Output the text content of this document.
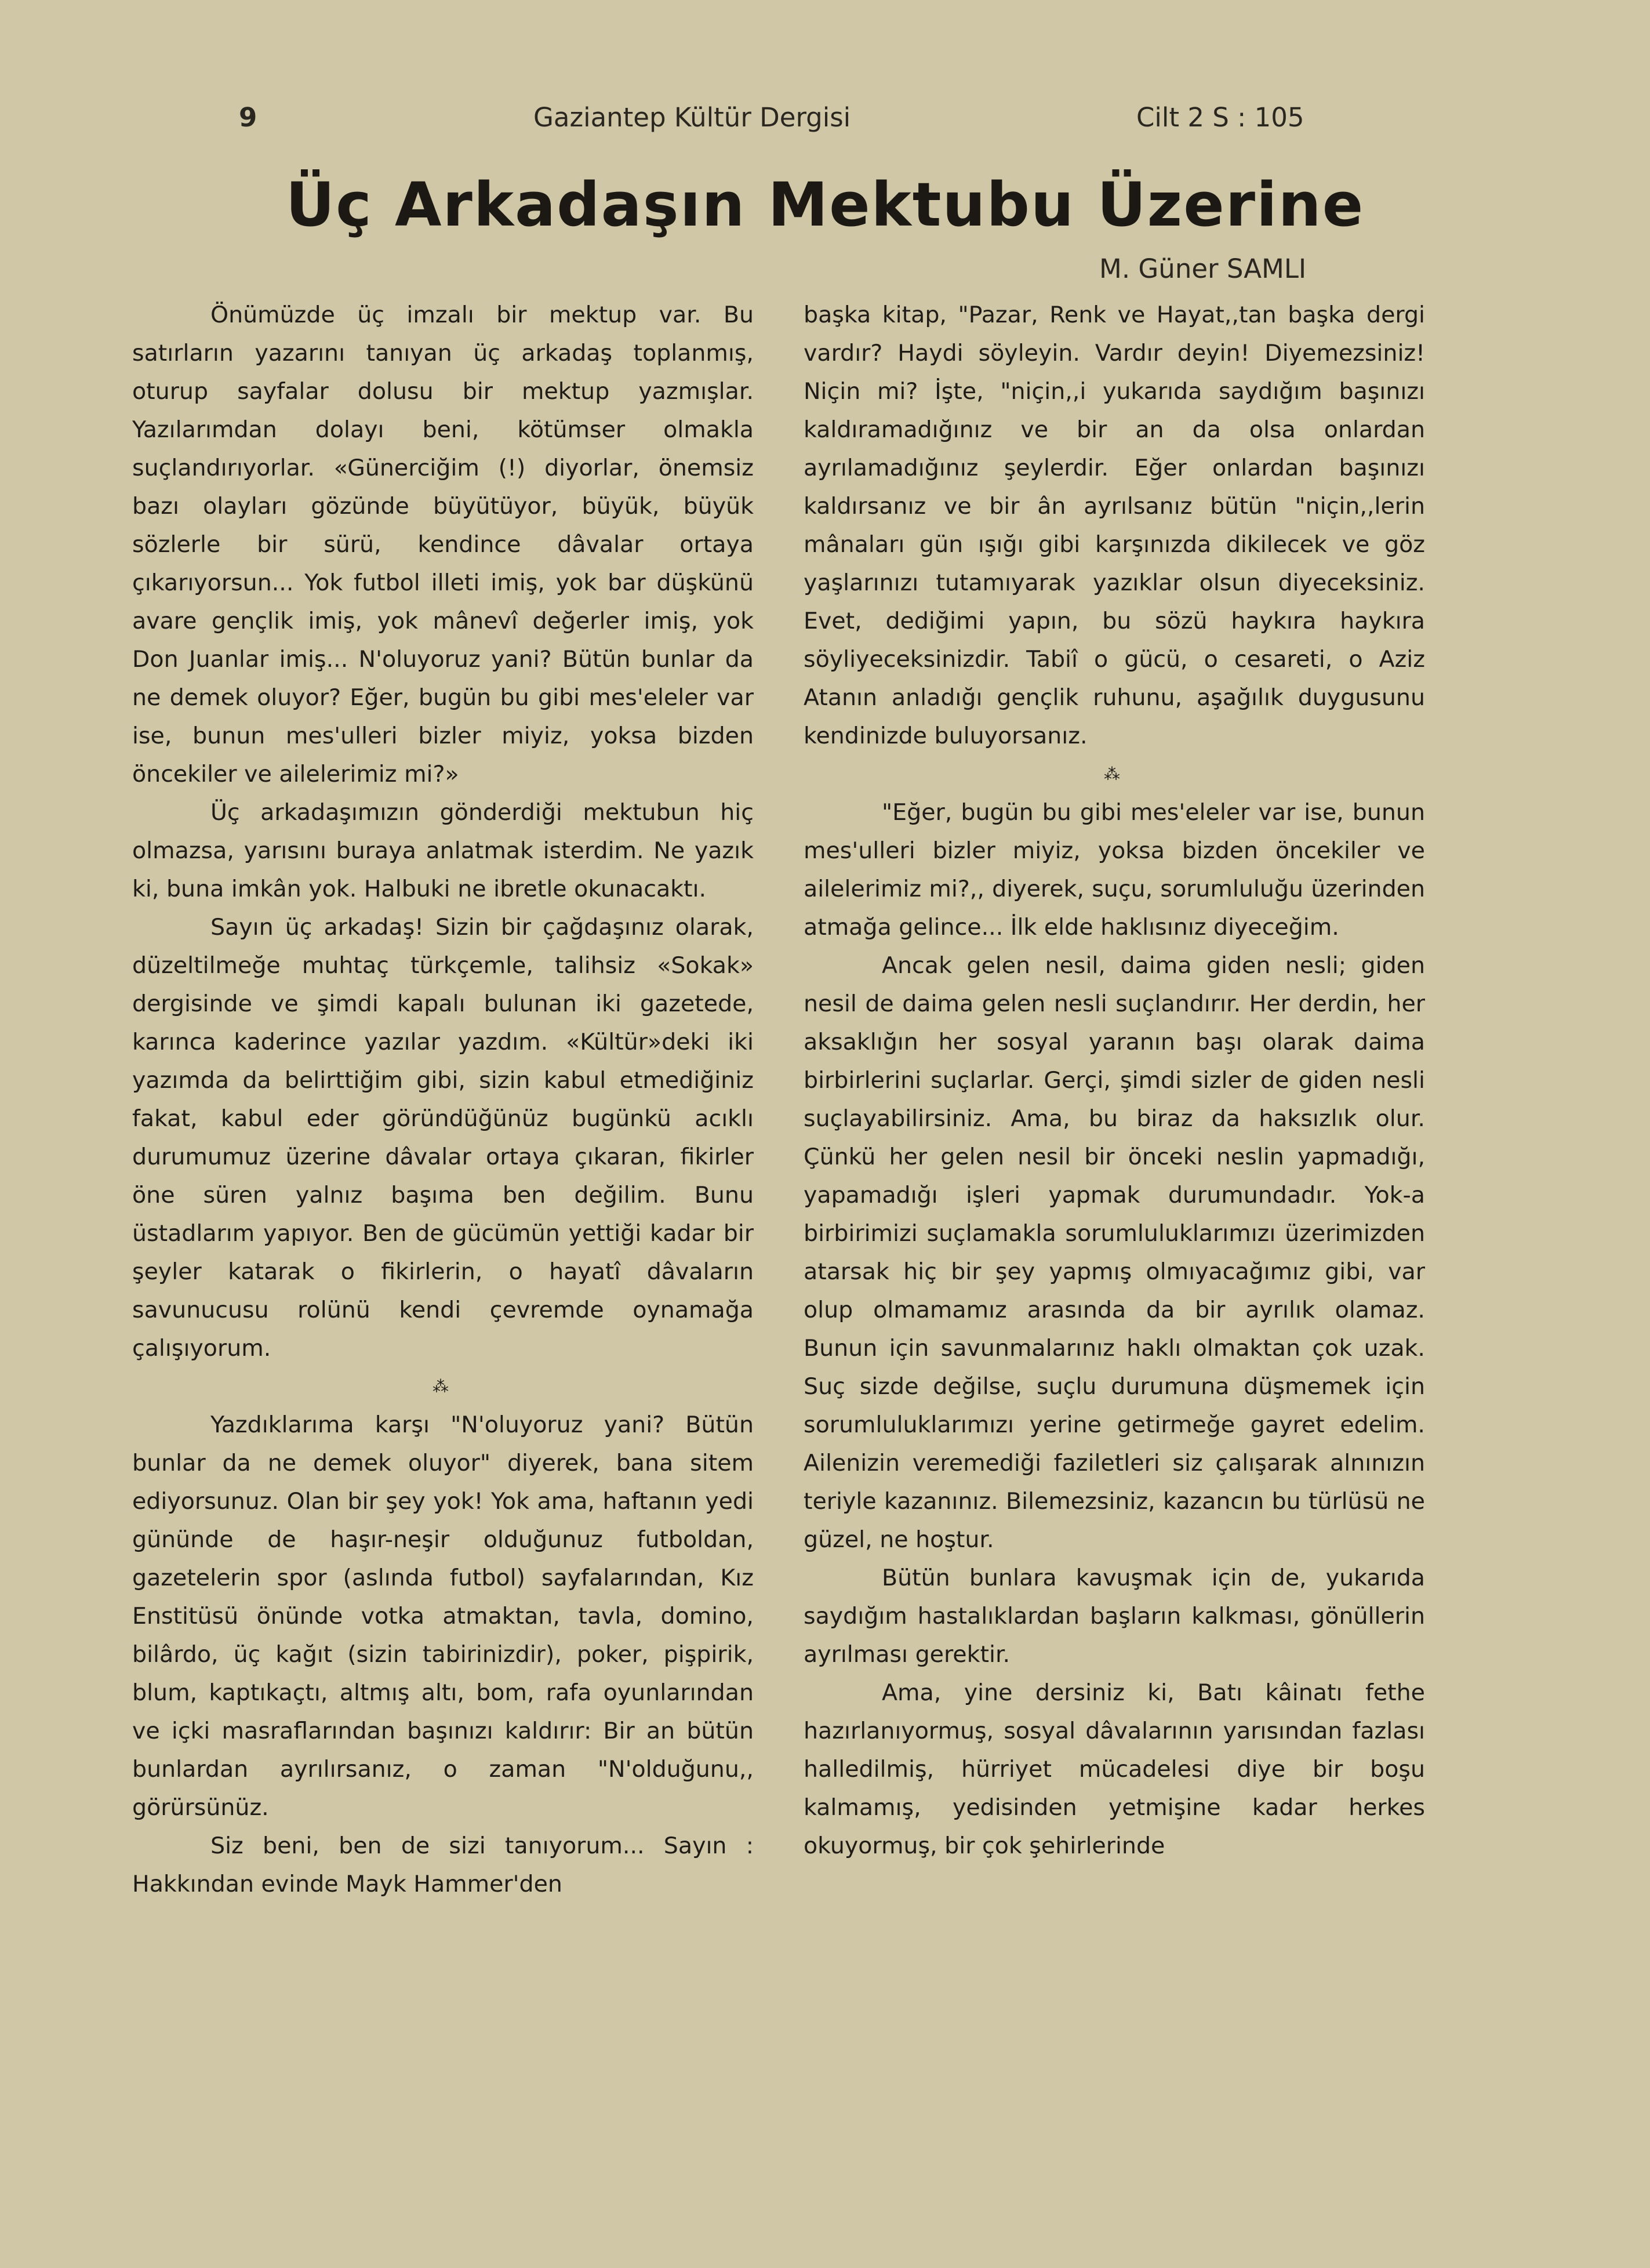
9	Gaziantep Kültür Dergisi	Cilt 2 S : 105
Üç Arkadaşın Mektubu Üzerine
M. Güner SAMLI

Önümüzde üç imzalı bir mektup var. Bu satırların yazarını tanıyan üç arkadaş toplanmış, oturup sayfalar dolusu bir mektup yazmışlar. Yazılarımdan dolayı beni, kötümser olmakla suçlandırıyorlar. «Günerciğim (!) diyorlar, önemsiz bazı olayları gözünde büyütüyor, büyük, büyük sözlerle bir sürü, kendince dâvalar ortaya çıkarıyorsun... Yok futbol illeti imiş, yok bar düşkünü avare gençlik imiş, yok mânevî değerler imiş, yok Don Juanlar imiş... N'oluyoruz yani? Bütün bunlar da ne demek oluyor? Eğer, bugün bu gibi mes'eleler var ise, bunun mes'ulleri bizler miyiz, yoksa bizden öncekiler ve ailelerimiz mi?»

Üç arkadaşımızın gönderdiği mektubun hiç olmazsa, yarısını buraya anlatmak isterdim. Ne yazık ki, buna imkân yok. Halbuki ne ibretle okunacaktı.

Sayın üç arkadaş! Sizin bir çağdaşınız olarak, düzeltilmeğe muhtaç türkçemle, talihsiz «Sokak» dergisinde ve şimdi kapalı bulunan iki gazetede, karınca kaderince yazılar yazdım. «Kültür»deki iki yazımda da belirttiğim gibi, sizin kabul etmediğiniz fakat, kabul eder göründüğünüz bugünkü acıklı durumumuz üzerine dâvalar ortaya çıkaran, fikirler öne süren yalnız başıma ben değilim. Bunu üstadlarım yapıyor. Ben de gücümün yettiği kadar bir şeyler katarak o fikirlerin, o hayatî dâvaların savunucusu rolünü kendi çevremde oynamağa çalışıyorum.

⁂

Yazdıklarıma karşı "N'oluyoruz yani? Bütün bunlar da ne demek oluyor" diyerek, bana sitem ediyorsunuz. Olan bir şey yok! Yok ama, haftanın yedi gününde de haşır-neşir olduğunuz futboldan, gazetelerin spor (aslında futbol) sayfalarından, Kız Enstitüsü önünde votka atmaktan, tavla, domino, bilârdo, üç kağıt (sizin tabirinizdir), poker, pişpirik, blum, kaptıkaçtı, altmış altı, bom, rafa oyunlarından ve içki masraflarından başınızı kaldırır: Bir an bütün bunlardan ayrılırsanız, o zaman "N'olduğunu,, görürsünüz.

Siz beni, ben de sizi tanıyorum... Sayın : Hakkından evinde Mayk Hammer'den

başka kitap, "Pazar, Renk ve Hayat,,tan başka dergi vardır? Haydi söyleyin. Vardır deyin! Diyemezsiniz! Niçin mi? İşte, "niçin,,i yukarıda saydığım başınızı kaldıramadığınız ve bir an da olsa onlardan ayrılamadığınız şeylerdir. Eğer onlardan başınızı kaldırsanız ve bir ân ayrılsanız bütün "niçin,,lerin mânaları gün ışığı gibi karşınızda dikilecek ve göz yaşlarınızı tutamıyarak yazıklar olsun diyeceksiniz. Evet, dediğimi yapın, bu sözü haykıra haykıra söyliyeceksinizdir. Tabiî o gücü, o cesareti, o Aziz Atanın anladığı gençlik ruhunu, aşağılık duygusunu kendinizde buluyorsanız.

⁂

"Eğer, bugün bu gibi mes'eleler var ise, bunun mes'ulleri bizler miyiz, yoksa bizden öncekiler ve ailelerimiz mi?,, diyerek, suçu, sorumluluğu üzerinden atmağa gelince... İlk elde haklısınız diyeceğim.

Ancak gelen nesil, daima giden nesli; giden nesil de daima gelen nesli suçlandırır. Her derdin, her aksaklığın her sosyal yaranın başı olarak daima birbirlerini suçlarlar. Gerçi, şimdi sizler de giden nesli suçlayabilirsiniz. Ama, bu biraz da haksızlık olur. Çünkü her gelen nesil bir önceki neslin yapmadığı, yapamadığı işleri yapmak durumundadır. Yok-a birbirimizi suçlamakla sorumluluklarımızı üzerimizden atarsak hiç bir şey yapmış olmıyacağımız gibi, var olup olmamamız arasında da bir ayrılık olamaz. Bunun için savunmalarınız haklı olmaktan çok uzak. Suç sizde değilse, suçlu durumuna düşmemek için sorumluluklarımızı yerine getirmeğe gayret edelim. Ailenizin veremediği faziletleri siz çalışarak alnınızın teriyle kazanınız. Bilemezsiniz, kazancın bu türlüsü ne güzel, ne hoştur.

Bütün bunlara kavuşmak için de, yukarıda saydığım hastalıklardan başların kalkması, gönüllerin ayrılması gerektir.

Ama, yine dersiniz ki, Batı kâinatı fethe hazırlanıyormuş, sosyal dâvalarının yarısından fazlası halledilmiş, hürriyet mücadelesi diye bir boşu kalmamış, yedisinden yetmişine kadar herkes okuyormuş, bir çok şehirlerinde
